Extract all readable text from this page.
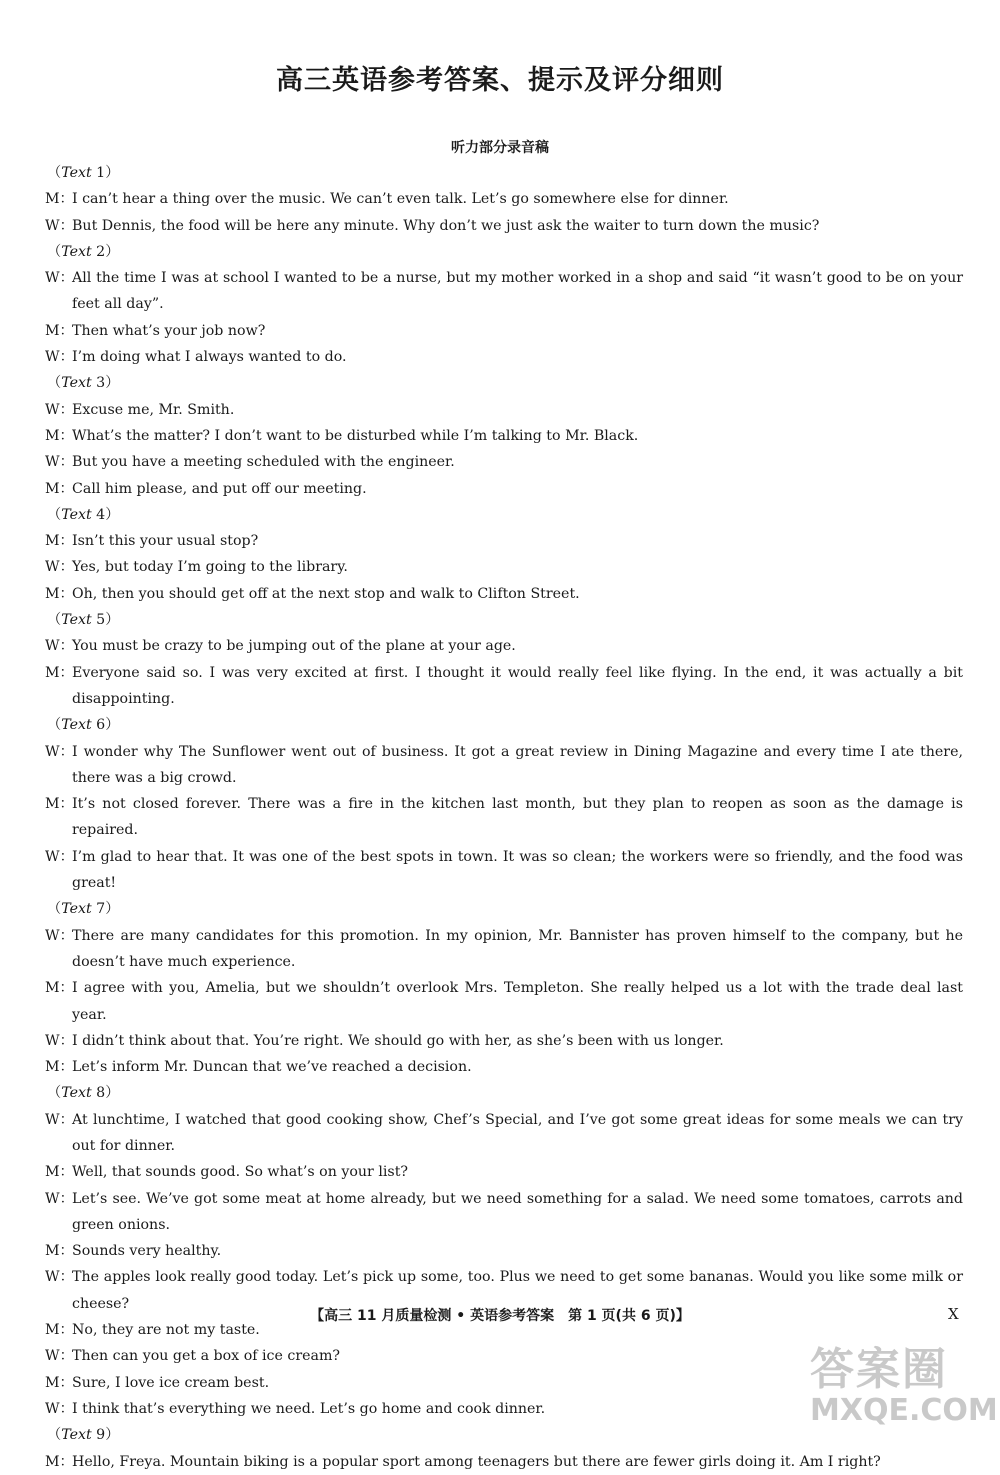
高三英语参考答案、提示及评分细则
听力部分录音稿
（Text 1）
M：
I can’t hear a thing over the music. We can’t even talk. Let’s go somewhere else for dinner.
W：
But Dennis, the food will be here any minute. Why don’t we just ask the waiter to turn down the music?
（Text 2）
W：
All the time I was at school I wanted to be a nurse, but my mother worked in a shop and said “it wasn’t good to be on your feet all day”.
M：
Then what’s your job now?
W：
I’m doing what I always wanted to do.
（Text 3）
W：
Excuse me, Mr. Smith.
M：
What’s the matter? I don’t want to be disturbed while I’m talking to Mr. Black.
W：
But you have a meeting scheduled with the engineer.
M：
Call him please, and put off our meeting.
（Text 4）
M：
Isn’t this your usual stop?
W：
Yes, but today I’m going to the library.
M：
Oh, then you should get off at the next stop and walk to Clifton Street.
（Text 5）
W：
You must be crazy to be jumping out of the plane at your age.
M：
Everyone said so. I was very excited at first. I thought it would really feel like flying. In the end, it was actually a bit disappointing.
（Text 6）
W：
I wonder why The Sunflower went out of business. It got a great review in Dining Magazine and every time I ate there, there was a big crowd.
M：
It’s not closed forever. There was a fire in the kitchen last month, but they plan to reopen as soon as the damage is repaired.
W：
I’m glad to hear that. It was one of the best spots in town. It was so clean; the workers were so friendly, and the food was great!
（Text 7）
W：
There are many candidates for this promotion. In my opinion, Mr. Bannister has proven himself to the company, but he doesn’t have much experience.
M：
I agree with you, Amelia, but we shouldn’t overlook Mrs. Templeton. She really helped us a lot with the trade deal last year.
W：
I didn’t think about that. You’re right. We should go with her, as she’s been with us longer.
M：
Let’s inform Mr. Duncan that we’ve reached a decision.
（Text 8）
W：
At lunchtime, I watched that good cooking show, Chef’s Special, and I’ve got some great ideas for some meals we can try out for dinner.
M：
Well, that sounds good. So what’s on your list?
W：
Let’s see. We’ve got some meat at home already, but we need something for a salad. We need some tomatoes, carrots and green onions.
M：
Sounds very healthy.
W：
The apples look really good today. Let’s pick up some, too. Plus we need to get some bananas. Would you like some milk or cheese?
M：
No, they are not my taste.
W：
Then can you get a box of ice cream?
M：
Sure, I love ice cream best.
W：
I think that’s everything we need. Let’s go home and cook dinner.
（Text 9）
M：
Hello, Freya. Mountain biking is a popular sport among teenagers but there are fewer girls doing it. Am I right?
【高三 11 月质量检测 • 英语参考答案　第 1 页(共 6 页)】	X
答案圈
MXQE.COM
